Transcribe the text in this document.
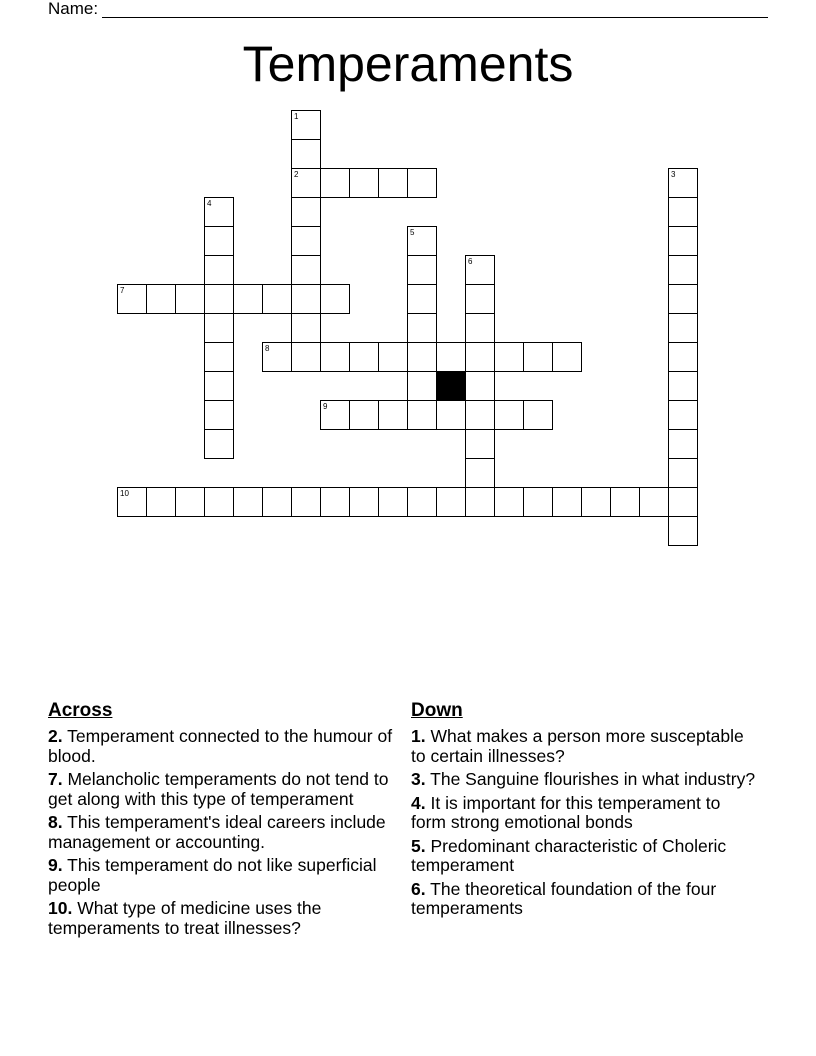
Name:
Temperaments
1
2	3
4
5
6
7
8
9
10
Across
2. Temperament connected to the humour of blood.
7. Melancholic temperaments do not tend to get along with this type of temperament
8. This temperament's ideal careers include management or accounting.
9. This temperament do not like superficial people
10. What type of medicine uses the temperaments to treat illnesses?
Down
1. What makes a person more susceptable to certain illnesses?
3. The Sanguine flourishes in what industry?
4. It is important for this temperament to form strong emotional bonds
5. Predominant characteristic of Choleric temperament
6. The theoretical foundation of the four temperaments
